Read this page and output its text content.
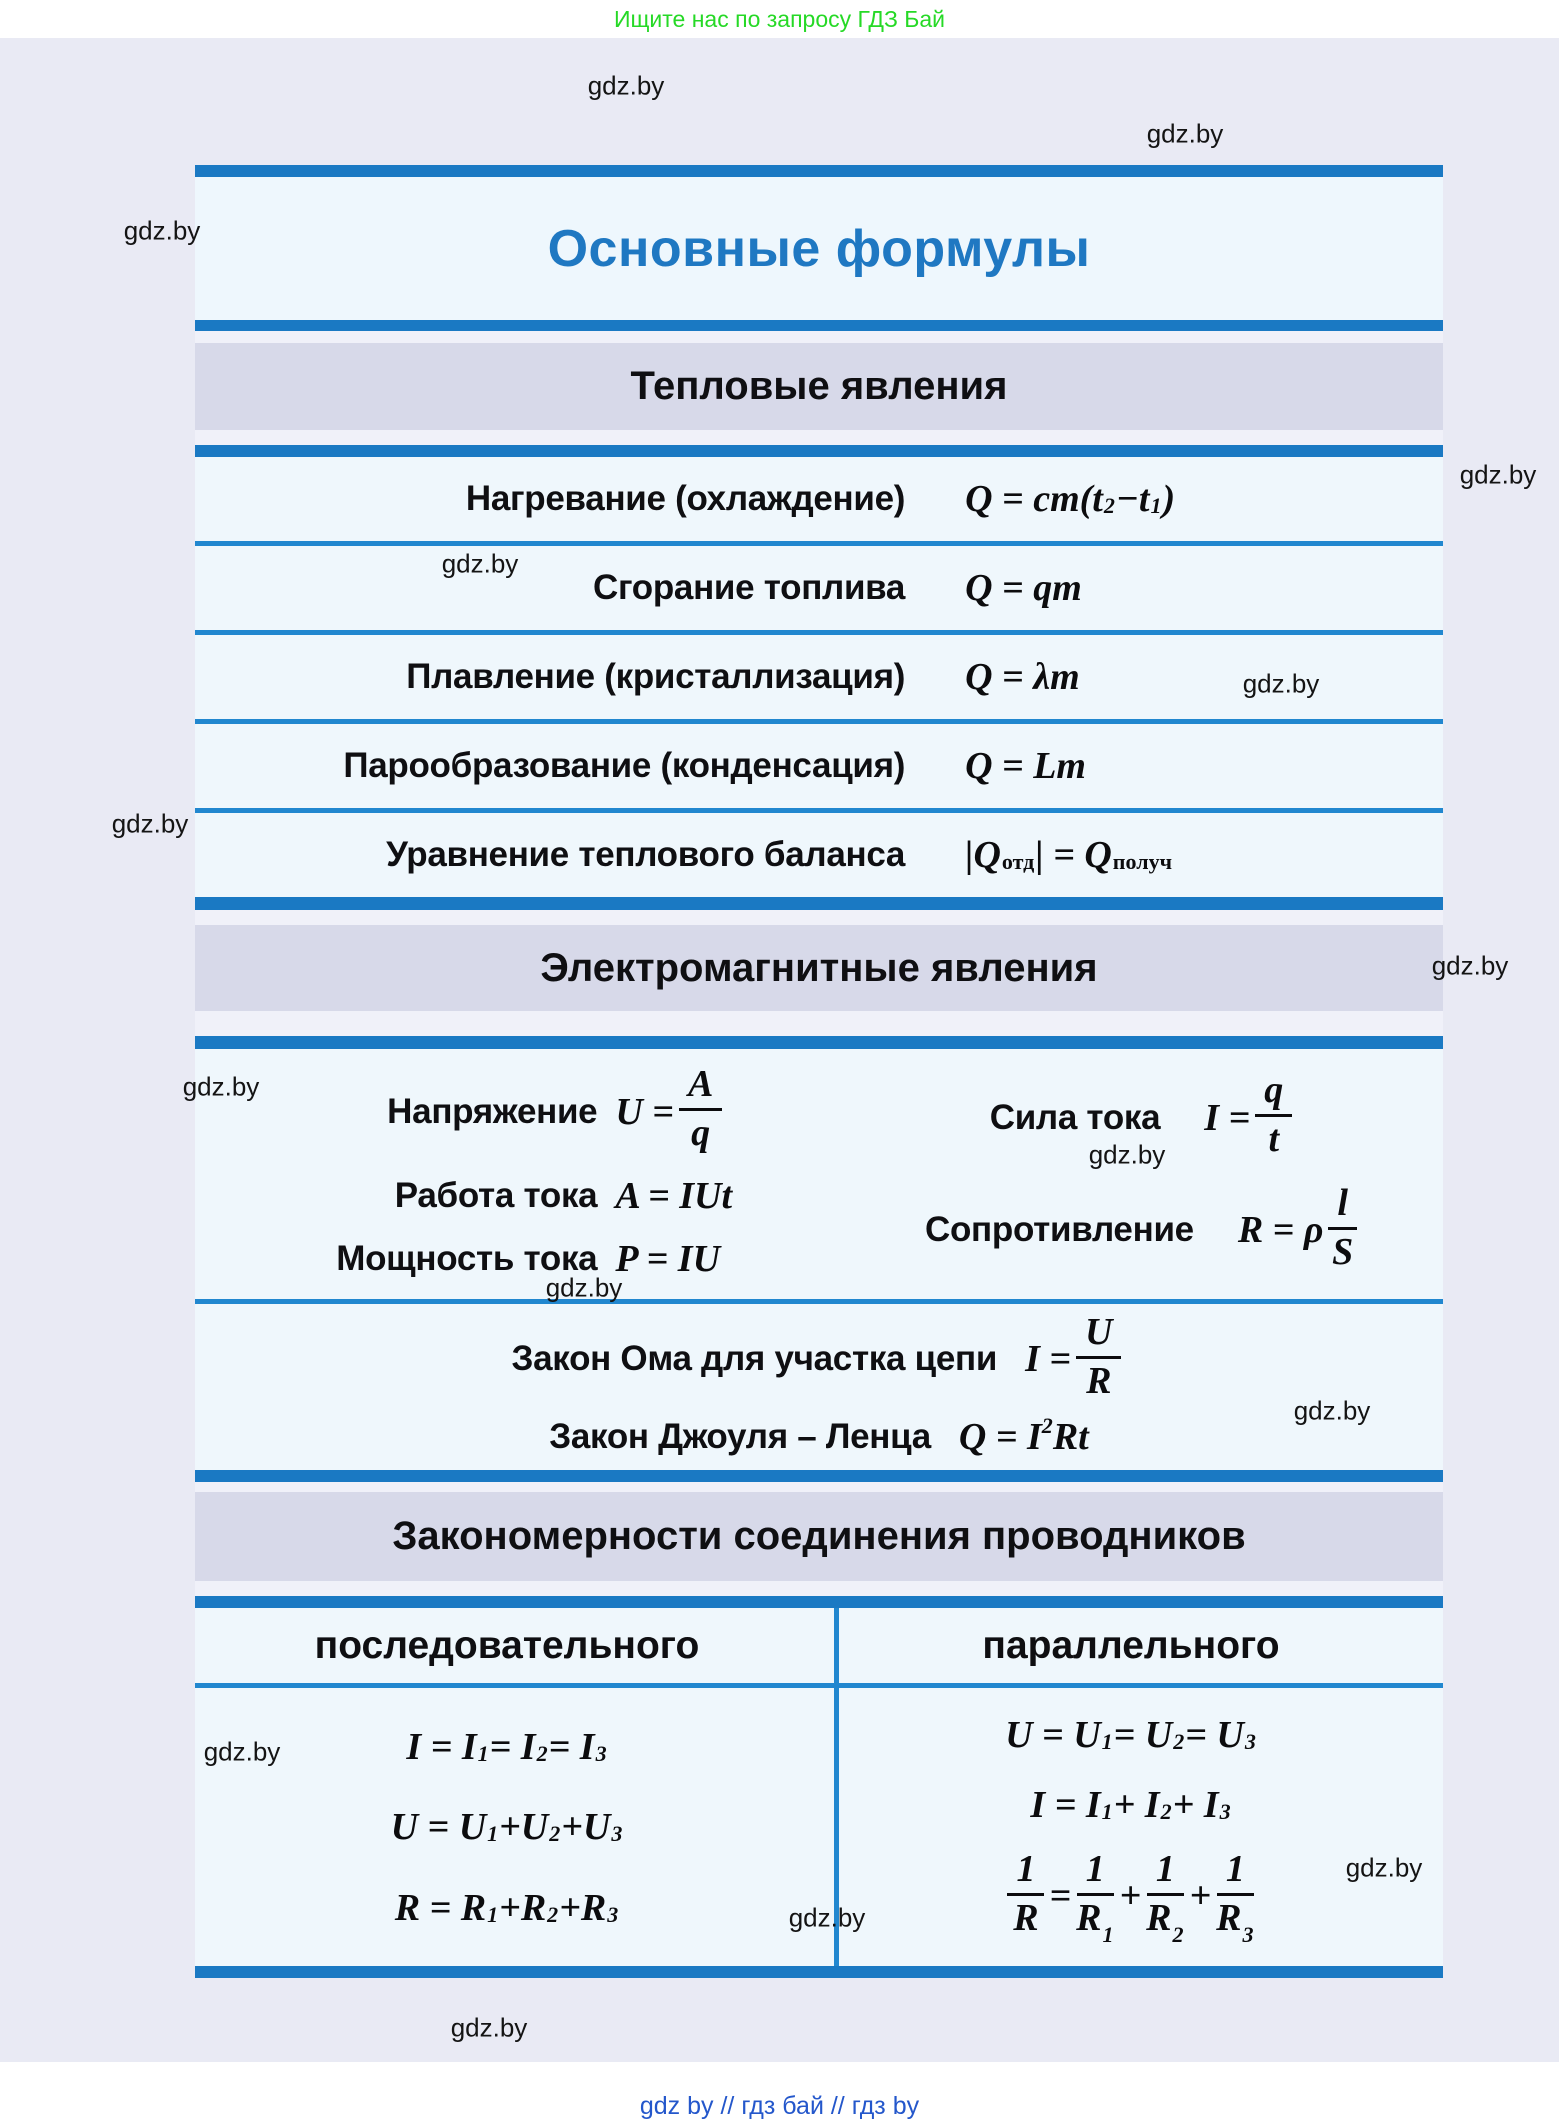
Ищите нас по запросу ГДЗ Бай
Основные формулы
Тепловые явления
Нагревание (охлаждение) Q = cm(t 2 −t 1 )
Сгорание топлива Q = qm
Плавление (кристаллизация) Q = λm
Парообразование (конденсация) Q = Lm
Уравнение теплового баланса |Q отд | = Q получ
Электромагнитные явления
Напряжение $U = \frac{A}{q}$
Работа тока A = IUt
Мощность тока P = IU
Сила тока $I = \frac{q}{t}$
Сопротивление R = ρ $\frac{l}{S}$
Закон Ома для участка цепи $I = \frac{U}{R}$
Закон Джоуля – Ленца Q = I 2 Rt
Закономерности соединения проводников
последовательного	параллельного
I = I 1 = I 2 = I 3
U = U 1 +U 2 +U 3
R = R 1 +R 2 +R 3
U = U 1 = U 2 = U 3
I = I 1 + I 2 + I 3
$\frac{1}{R} = \frac{1}{R 1} + \frac{1}{R 2} + \frac{1}{R 3}$
gdz.by
gdz.by
gdz.by
gdz.by
gdz.by
gdz.by
gdz.by
gdz.by
gdz.by
gdz.by
gdz.by
gdz.by
gdz.by
gdz.by
gdz.by
gdz.by
gdz by // гдз бай // гдз by
